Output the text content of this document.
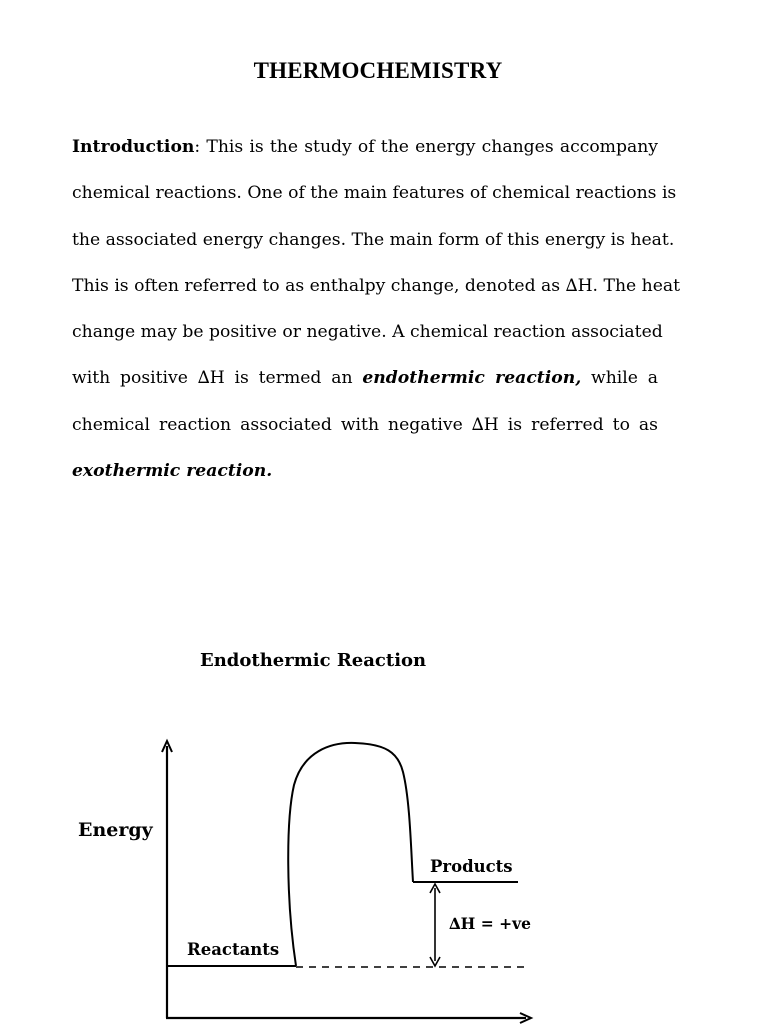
THERMOCHEMISTRY
Introduction: This is the study of the energy changes accompany
chemical reactions. One of the main features of chemical reactions is
the associated energy changes. The main form of this energy is heat.
This is often referred to as enthalpy change, denoted as ∆H. The heat
change may be positive or negative. A chemical reaction associated
with positive ∆H is termed an endothermic reaction, while a
chemical reaction associated with negative ∆H is referred to as
exothermic reaction.
Endothermic Reaction
Energy
Reactants
Products
∆H = +ve
